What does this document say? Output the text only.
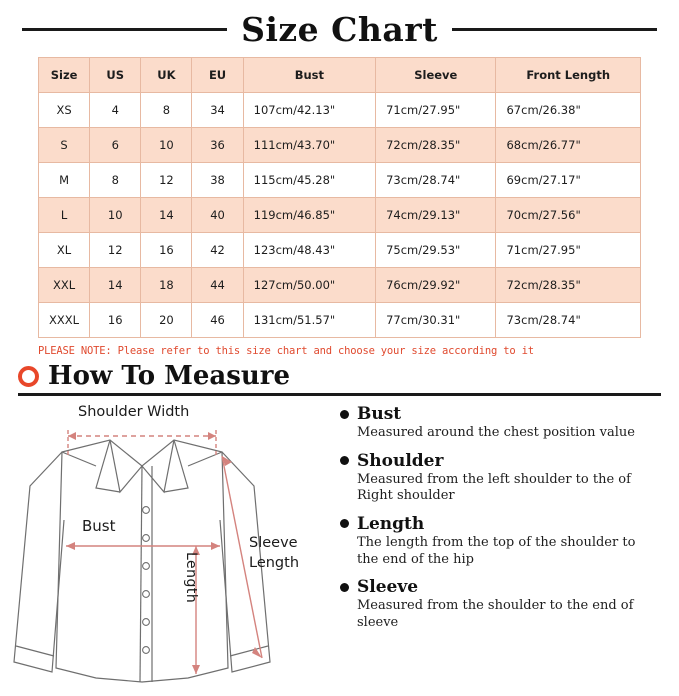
Size Chart
Size	US	UK	EU	Bust	Sleeve	Front Length
XS	4	8	34	107cm/42.13"	71cm/27.95"	67cm/26.38"
S	6	10	36	111cm/43.70"	72cm/28.35"	68cm/26.77"
M	8	12	38	115cm/45.28"	73cm/28.74"	69cm/27.17"
L	10	14	40	119cm/46.85"	74cm/29.13"	70cm/27.56"
XL	12	16	42	123cm/48.43"	75cm/29.53"	71cm/27.95"
XXL	14	18	44	127cm/50.00"	76cm/29.92"	72cm/28.35"
XXXL	16	20	46	131cm/51.57"	77cm/30.31"	73cm/28.74"
PLEASE NOTE: Please refer to this size chart and choose your size according to it
How To Measure
Shoulder Width
Bust
Length
Sleeve
Length
Bust
Measured around the chest position value
Shoulder
Measured from the left shoulder to the of Right shoulder
Length
The length from the top of the shoulder to the end of the hip
Sleeve
Measured from the shoulder to the end of sleeve
